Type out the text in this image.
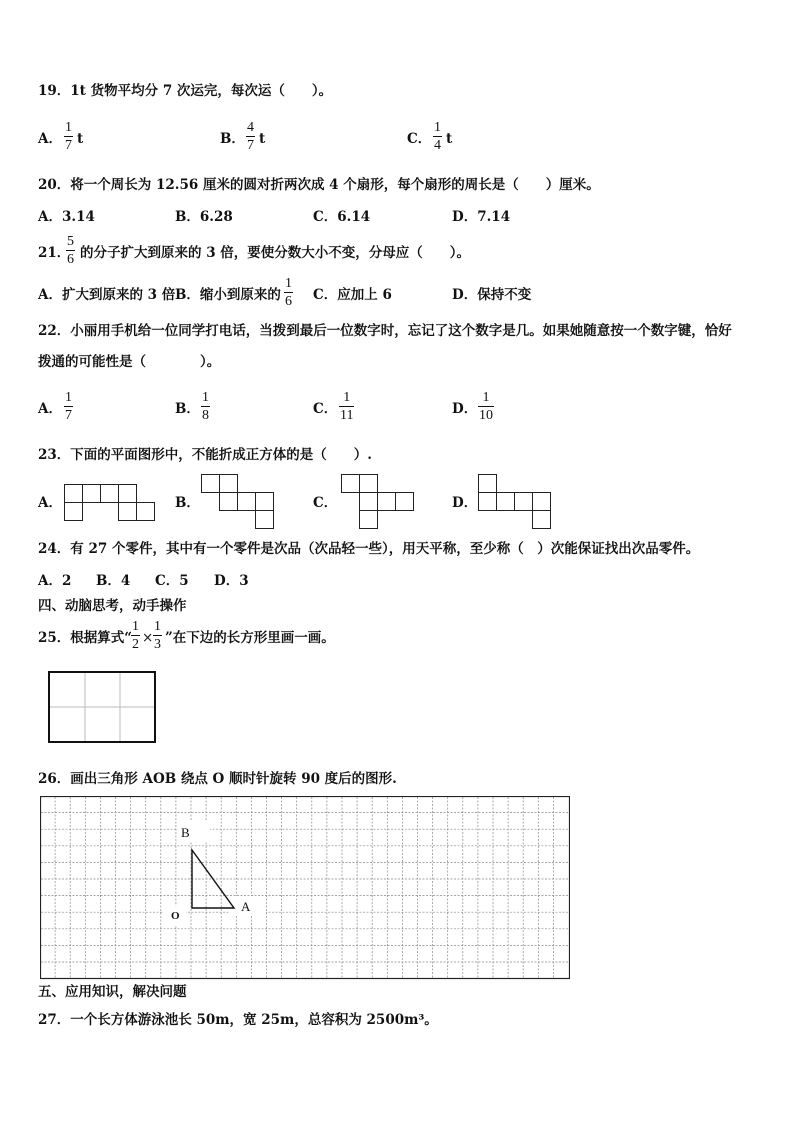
19．1t 货物平均分 7 次运完，每次运（　　）。
A．
1
7 t	B．
4
7 t	C．
1
4 t
20．将一个周长为 12.56 厘米的圆对折两次成 4 个扇形，每个扇形的周长是（　　）厘米。
A．3.14	B．6.28	C．6.14	D．7.14
21．
5
6 的分子扩大到原来的 3 倍，要使分数大小不变，分母应（　　）。
A．扩大到原来的 3 倍 B．缩小到原来的
1
6 C．应加上 6	D．保持不变
22．小丽用手机给一位同学打电话，当拨到最后一位数字时，忘记了这个数字是几。如果她随意按一个数字键，恰好
拨通的可能性是（　　　　）。
A．
1
7	B．
1
8	C．
1
11	D．
1
10
23．下面的平面图形中，不能折成正方体的是（　　）.
A．	B．	C．	D．
24．有 27 个零件，其中有一个零件是次品（次品轻一些），用天平称，至少称（　）次能保证找出次品零件。
A．2 B．4 C．5 D．3
四、动脑思考，动手操作
25．根据算式“
1
2 ×
1
3 ”在下边的长方形里画一画。
26．画出三角形 AOB 绕点 O 顺时针旋转 90 度后的图形.
B
A
O
五、应用知识，解决问题
27．一个长方体游泳池长 50m，宽 25m，总容积为 2500m³。
